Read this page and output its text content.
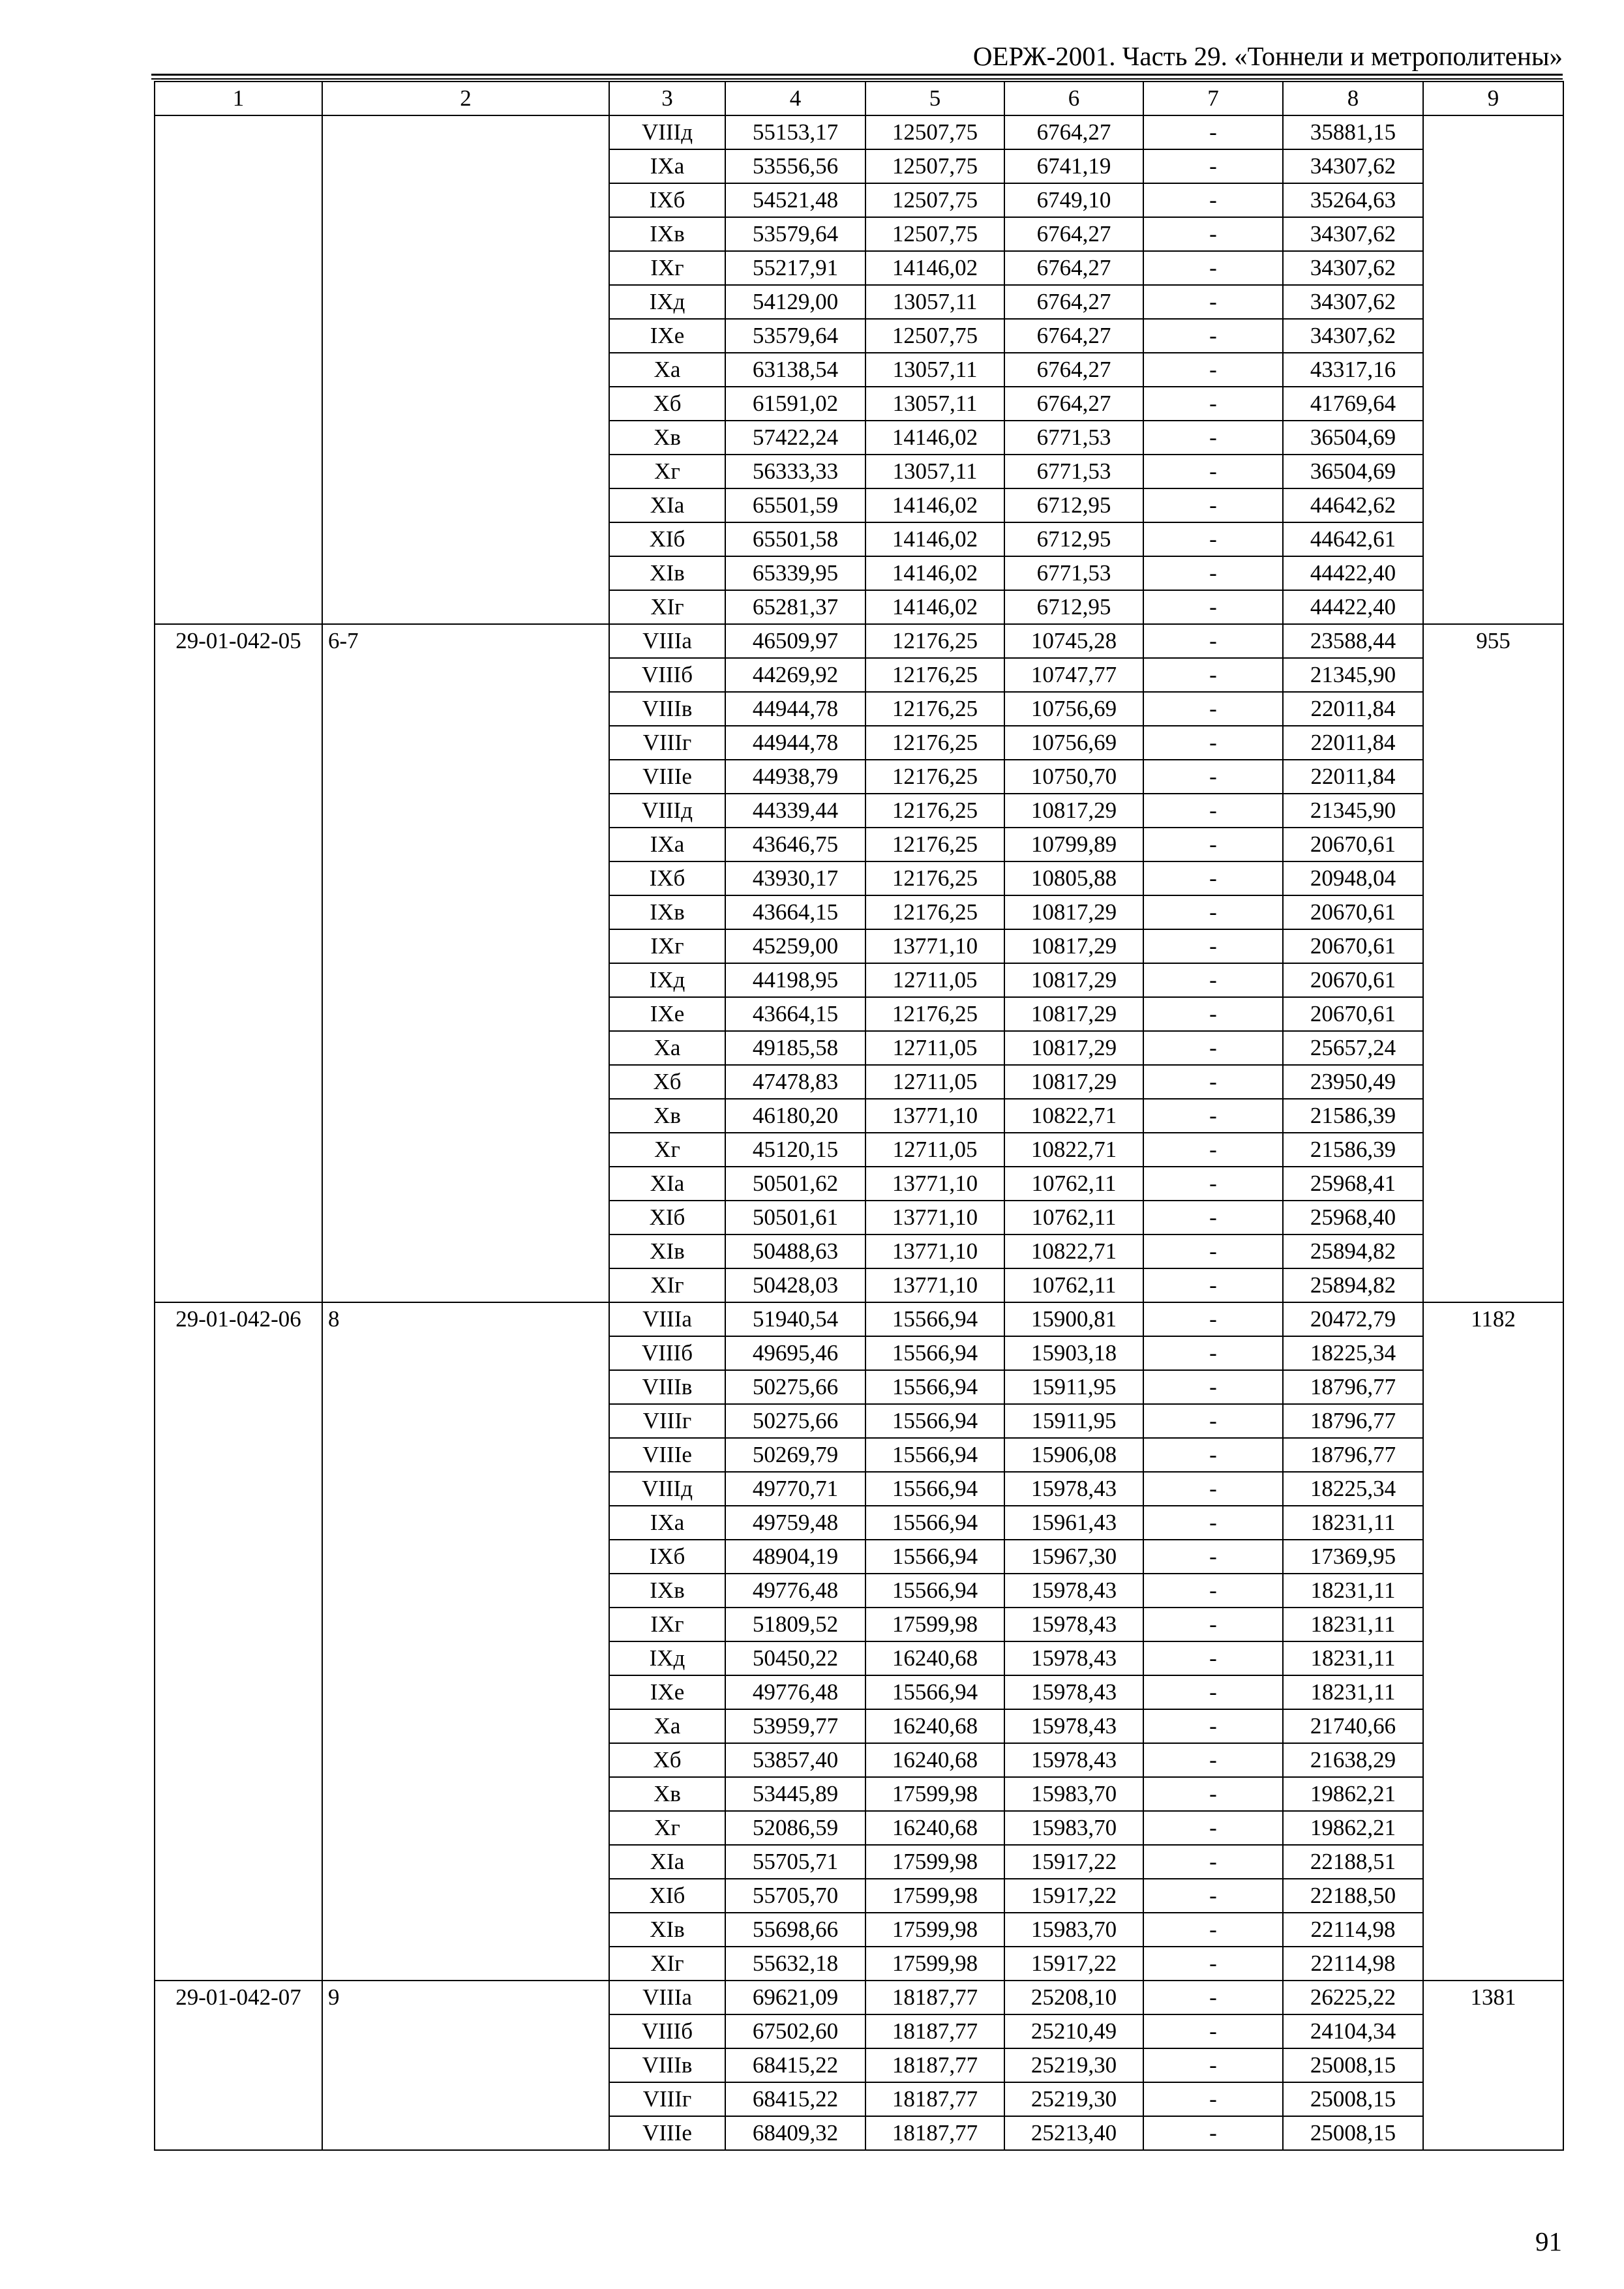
ОЕРЖ-2001. Часть 29. «Тоннели и метрополитены»
1	2	3	4	5	6	7	8	9
		VIIIд	55153,17	12507,75	6764,27	-	35881,15	
		IXa	53556,56	12507,75	6741,19	-	34307,62	
		IXб	54521,48	12507,75	6749,10	-	35264,63	
		IXв	53579,64	12507,75	6764,27	-	34307,62	
		IXг	55217,91	14146,02	6764,27	-	34307,62	
		IXд	54129,00	13057,11	6764,27	-	34307,62	
		IXe	53579,64	12507,75	6764,27	-	34307,62	
		Xa	63138,54	13057,11	6764,27	-	43317,16	
		Xб	61591,02	13057,11	6764,27	-	41769,64	
		Xв	57422,24	14146,02	6771,53	-	36504,69	
		Xг	56333,33	13057,11	6771,53	-	36504,69	
		XIa	65501,59	14146,02	6712,95	-	44642,62	
		XIб	65501,58	14146,02	6712,95	-	44642,61	
		XIв	65339,95	14146,02	6771,53	-	44422,40	
		XIг	65281,37	14146,02	6712,95	-	44422,40	
29-01-042-05	6-7	VIIIa	46509,97	12176,25	10745,28	-	23588,44	955
		VIIIб	44269,92	12176,25	10747,77	-	21345,90	
		VIIIв	44944,78	12176,25	10756,69	-	22011,84	
		VIIIг	44944,78	12176,25	10756,69	-	22011,84	
		VIIIe	44938,79	12176,25	10750,70	-	22011,84	
		VIIIд	44339,44	12176,25	10817,29	-	21345,90	
		IXa	43646,75	12176,25	10799,89	-	20670,61	
		IXб	43930,17	12176,25	10805,88	-	20948,04	
		IXв	43664,15	12176,25	10817,29	-	20670,61	
		IXг	45259,00	13771,10	10817,29	-	20670,61	
		IXд	44198,95	12711,05	10817,29	-	20670,61	
		IXe	43664,15	12176,25	10817,29	-	20670,61	
		Xa	49185,58	12711,05	10817,29	-	25657,24	
		Xб	47478,83	12711,05	10817,29	-	23950,49	
		Xв	46180,20	13771,10	10822,71	-	21586,39	
		Xг	45120,15	12711,05	10822,71	-	21586,39	
		XIa	50501,62	13771,10	10762,11	-	25968,41	
		XIб	50501,61	13771,10	10762,11	-	25968,40	
		XIв	50488,63	13771,10	10822,71	-	25894,82	
		XIг	50428,03	13771,10	10762,11	-	25894,82	
29-01-042-06	8	VIIIa	51940,54	15566,94	15900,81	-	20472,79	1182
		VIIIб	49695,46	15566,94	15903,18	-	18225,34	
		VIIIв	50275,66	15566,94	15911,95	-	18796,77	
		VIIIг	50275,66	15566,94	15911,95	-	18796,77	
		VIIIe	50269,79	15566,94	15906,08	-	18796,77	
		VIIIд	49770,71	15566,94	15978,43	-	18225,34	
		IXa	49759,48	15566,94	15961,43	-	18231,11	
		IXб	48904,19	15566,94	15967,30	-	17369,95	
		IXв	49776,48	15566,94	15978,43	-	18231,11	
		IXг	51809,52	17599,98	15978,43	-	18231,11	
		IXд	50450,22	16240,68	15978,43	-	18231,11	
		IXe	49776,48	15566,94	15978,43	-	18231,11	
		Xa	53959,77	16240,68	15978,43	-	21740,66	
		Xб	53857,40	16240,68	15978,43	-	21638,29	
		Xв	53445,89	17599,98	15983,70	-	19862,21	
		Xг	52086,59	16240,68	15983,70	-	19862,21	
		XIa	55705,71	17599,98	15917,22	-	22188,51	
		XIб	55705,70	17599,98	15917,22	-	22188,50	
		XIв	55698,66	17599,98	15983,70	-	22114,98	
		XIг	55632,18	17599,98	15917,22	-	22114,98	
29-01-042-07	9	VIIIa	69621,09	18187,77	25208,10	-	26225,22	1381
		VIIIб	67502,60	18187,77	25210,49	-	24104,34	
		VIIIв	68415,22	18187,77	25219,30	-	25008,15	
		VIIIг	68415,22	18187,77	25219,30	-	25008,15	
		VIIIe	68409,32	18187,77	25213,40	-	25008,15	
91
